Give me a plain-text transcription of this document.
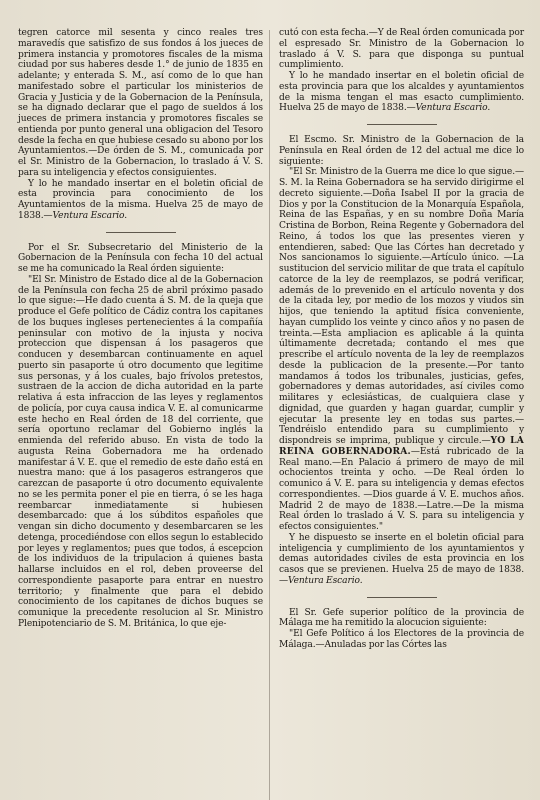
tegren catorce mil sesenta y cinco reales tres maravedís que satisfizo de sus fondos á los jueces de primera instancia y promotores fiscales de la misma ciudad por sus haberes desde 1.° de junio de 1835 en adelante; y enterada S. M., así como de lo que han manifestado sobre el particular los ministerios de Gracia y Justicia y de la Gobernacion de la Península, se ha dignado declarar que el pago de sueldos á los jueces de primera instancia y promotores fiscales se entienda por punto general una obligacion del Tesoro desde la fecha en que hubiese cesado su abono por los Ayuntamientos.—De órden de S. M., comunicada por el Sr. Ministro de la Gobernacion, lo traslado á V. S. para su inteligencia y efectos consiguientes.

Y lo he mandado insertar en el boletin oficial de esta provincia para conocimiento de los Ayuntamientos de la misma. Huelva 25 de mayo de 1838.—Ventura Escario.

Por el Sr. Subsecretario del Ministerio de la Gobernacion de la Península con fecha 10 del actual se me ha comunicado la Real órden siguiente:

"El Sr. Ministro de Estado dice al de la Gobernacion de la Península con fecha 25 de abril próximo pasado lo que sigue:—He dado cuenta á S. M. de la queja que produce el Gefe político de Cádiz contra los capitanes de los buques ingleses pertenecientes á la compañía peninsular con motivo de la injusta y nociva proteccion que dispensan á los pasageros que conducen y desembarcan continuamente en aquel puerto sin pasaporte ú otro documento que legitime sus personas, y á los cuales, bajo frívolos pretestos, sustraen de la accion de dicha autoridad en la parte relativa á esta infraccion de las leyes y reglamentos de policía, por cuya causa indica V. E. al comunicarme este hecho en Real órden de 18 del corriente, que sería oportuno reclamar del Gobierno inglés la enmienda del referido abuso. En vista de todo la augusta Reina Gobernadora me ha ordenado manifestar á V. E. que el remedio de este daño está en nuestra mano: que á los pasageros estrangeros que carezcan de pasaporte ú otro documento equivalente no se les permita poner el pie en tierra, ó se les haga reembarcar inmediatamente si hubiesen desembarcado: que á los súbditos españoles que vengan sin dicho documento y desembarcaren se les detenga, procediéndose con ellos segun lo establecido por leyes y reglamentos; pues que todos, á escepcion de los individuos de la tripulacion á quienes basta hallarse incluidos en el rol, deben proveerse del correspondiente pasaporte para entrar en nuestro territorio; y finalmente que para el debido conocimiento de los capitanes de dichos buques se comunique la precedente resolucion al Sr. Ministro Plenipotenciario de S. M. Británica, lo que eje-

cutó con esta fecha.—Y de Real órden comunicada por el espresado Sr. Ministro de la Gobernacion lo traslado á V. S. para que disponga su puntual cumplimiento.

Y lo he mandado insertar en el boletin oficial de esta provincia para que los alcaldes y ayuntamientos de la misma tengan el mas esacto cumplimiento. Huelva 25 de mayo de 1838.—Ventura Escario.

El Escmo. Sr. Ministro de la Gobernacion de la Península en Real órden de 12 del actual me dice lo siguiente:

"El Sr. Ministro de la Guerra me dice lo que sigue.—S. M. la Reina Gobernadora se ha servido dirigirme el decreto siguiente.—Doña Isabel II por la gracia de Dios y por la Constitucion de la Monarquía Española, Reina de las Españas, y en su nombre Doña María Cristina de Borbon, Reina Regente y Gobernadora del Reino, á todos los que las presentes vieren y entendieren, sabed: Que las Córtes han decretado y Nos sancionamos lo siguiente.—Artículo único. —La sustitucion del servicio militar de que trata el capítulo catorce de la ley de reemplazos, se podrá verificar, además de lo prevenido en el artículo noventa y dos de la citada ley, por medio de los mozos y viudos sin hijos, que teniendo la aptitud física conveniente, hayan cumplido los veinte y cinco años y no pasen de treinta.—Esta ampliacion es aplicable á la quinta últimamente decretada; contando el mes que prescribe el artículo noventa de la ley de reemplazos desde la publicacion de la presente.—Por tanto mandamos á todos los tribunales, justicias, gefes, gobernadores y demas autoridades, así civiles como militares y eclesiásticas, de cualquiera clase y dignidad, que guarden y hagan guardar, cumplir y ejecutar la presente ley en todas sus partes.—Tendréislo entendido para su cumplimiento y dispondreis se imprima, publique y circule.—YO LA REINA GOBERNADORA.—Está rubricado de la Real mano.—En Palacio á primero de mayo de mil ochocientos treinta y ocho. —De Real órden lo comunico á V. E. para su inteligencia y demas efectos correspondientes. —Dios guarde á V. E. muchos años. Madrid 2 de mayo de 1838.—Latre.—De la misma Real órden lo traslado á V. S. para su inteligencia y efectos consiguientes."

Y he dispuesto se inserte en el boletin oficial para inteligencia y cumplimiento de los ayuntamientos y demas autoridades civiles de esta provincia en los casos que se previenen. Huelva 25 de mayo de 1838.—Ventura Escario.

El Sr. Gefe superior político de la provincia de Málaga me ha remitido la alocucion siguiente:

"El Gefe Político á los Electores de la provincia de Málaga.—Anuladas por las Córtes las
